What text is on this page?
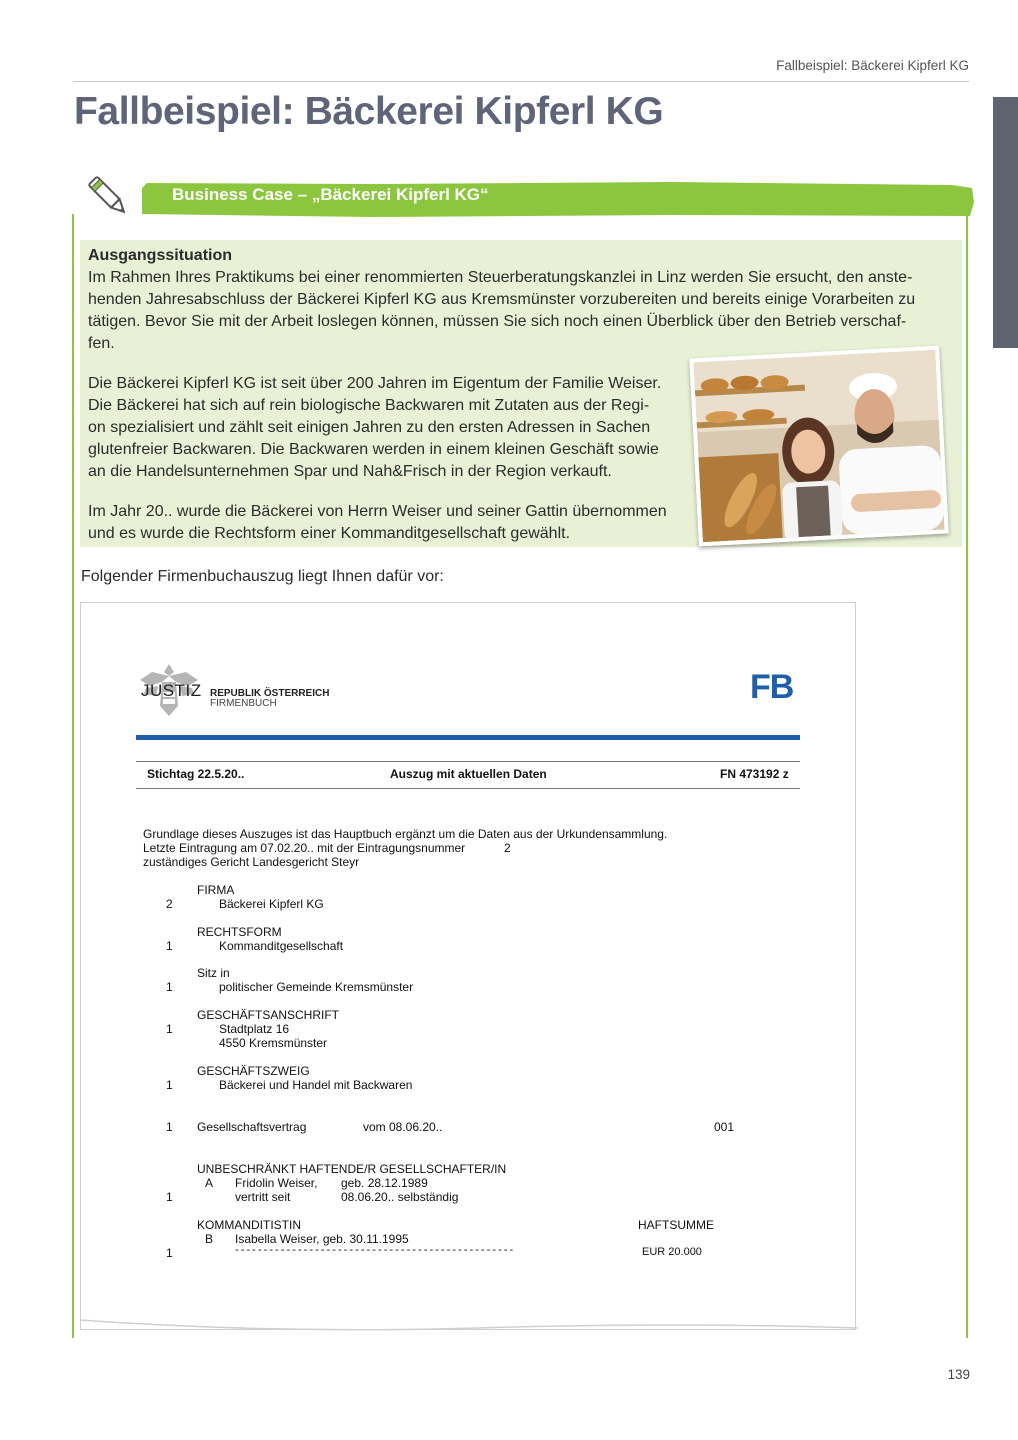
Fallbeispiel: Bäckerei Kipferl KG
Fallbeispiel: Bäckerei Kipferl KG
Business Case – „Bäckerei Kipferl KG“
Ausgangssituation
Im Rahmen Ihres Praktikums bei einer renommierten Steuerberatungskanzlei in Linz werden Sie ersucht, den anste-
henden Jahresabschluss der Bäckerei Kipferl KG aus Kremsmünster vorzubereiten und bereits einige Vorarbeiten zu
tätigen. Bevor Sie mit der Arbeit loslegen können, müssen Sie sich noch einen Überblick über den Betrieb verschaf-
fen.
Die Bäckerei Kipferl KG ist seit über 200 Jahren im Eigentum der Familie Weiser.
Die Bäckerei hat sich auf rein biologische Backwaren mit Zutaten aus der Regi-
on spezialisiert und zählt seit einigen Jahren zu den ersten Adressen in Sachen
glutenfreier Backwaren. Die Backwaren werden in einem kleinen Geschäft sowie
an die Handelsunternehmen Spar und Nah&Frisch in der Region verkauft.
Im Jahr 20.. wurde die Bäckerei von Herrn Weiser und seiner Gattin übernommen
und es wurde die Rechtsform einer Kommanditgesellschaft gewählt.
Folgender Firmenbuchauszug liegt Ihnen dafür vor:
JUSTIZ REPUBLIK ÖSTERREICH
FIRMENBUCH	FB
Stichtag 22.5.20..	Auszug mit aktuellen Daten	FN 473192 z
Grundlage dieses Auszuges ist das Hauptbuch ergänzt um die Daten aus der Urkundensammlung.
Letzte Eintragung am 07.02.20.. mit der Eintragungsnummer	2
zuständiges Gericht Landesgericht Steyr
FIRMA
2	Bäckerei Kipferl KG
RECHTSFORM
1	Kommanditgesellschaft
Sitz in
1	politischer Gemeinde Kremsmünster
GESCHÄFTSANSCHRIFT
1	Stadtplatz 16
4550 Kremsmünster
GESCHÄFTSZWEIG
1	Bäckerei und Handel mit Backwaren
1 Gesellschaftsvertrag	vom 08.06.20..	001
UNBESCHRÄNKT HAFTENDE/R GESELLSCHAFTER/IN
A Fridolin Weiser, geb. 28.12.1989
1	vertritt seit	08.06.20.. selbständig
KOMMANDITISTIN	HAFTSUMME
B Isabella Weiser, geb. 30.11.1995
1	- - - - - - - - - - - - - - - - - - - - - - - - - - - - - - - - - - - - - - - - - - - - - - - - -	EUR 20.000
139
